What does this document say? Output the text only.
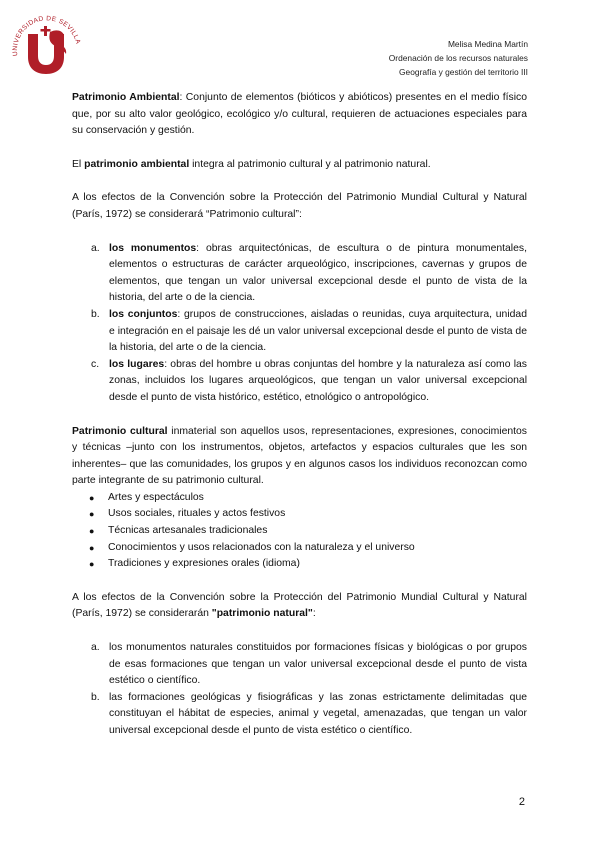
UNIVERSIDAD DE SEVILLA	Melisa Medina Martín
Ordenación de los recursos naturales
Geografía y gestión del territorio III

Patrimonio Ambiental: Conjunto de elementos (bióticos y abióticos) presentes en el medio físico que, por su alto valor geológico, ecológico y/o cultural, requieren de actuaciones especiales para su conservación y gestión.

El patrimonio ambiental integra al patrimonio cultural y al patrimonio natural.

A los efectos de la Convención sobre la Protección del Patrimonio Mundial Cultural y Natural (París, 1972) se considerará “Patrimonio cultural”:

a. los monumentos: obras arquitectónicas, de escultura o de pintura monumentales, elementos o estructuras de carácter arqueológico, inscripciones, cavernas y grupos de elementos, que tengan un valor universal excepcional desde el punto de vista de la historia, del arte o de la ciencia.
b. los conjuntos: grupos de construcciones, aisladas o reunidas, cuya arquitectura, unidad e integración en el paisaje les dé un valor universal excepcional desde el punto de vista de la historia, del arte o de la ciencia.
c. los lugares: obras del hombre u obras conjuntas del hombre y la naturaleza así como las zonas, incluidos los lugares arqueológicos, que tengan un valor universal excepcional desde el punto de vista histórico, estético, etnológico o antropológico.

Patrimonio cultural inmaterial son aquellos usos, representaciones, expresiones, conocimientos y técnicas –junto con los instrumentos, objetos, artefactos y espacios culturales que les son inherentes– que las comunidades, los grupos y en algunos casos los individuos reconozcan como parte integrante de su patrimonio cultural.

● Artes y espectáculos
● Usos sociales, rituales y actos festivos
● Técnicas artesanales tradicionales
● Conocimientos y usos relacionados con la naturaleza y el universo
● Tradiciones y expresiones orales (idioma)

A los efectos de la Convención sobre la Protección del Patrimonio Mundial Cultural y Natural (París, 1972) se considerarán "patrimonio natural":

a. los monumentos naturales constituidos por formaciones físicas y biológicas o por grupos de esas formaciones que tengan un valor universal excepcional desde el punto de vista estético o científico.
b. las formaciones geológicas y fisiográficas y las zonas estrictamente delimitadas que constituyan el hábitat de especies, animal y vegetal, amenazadas, que tengan un valor universal excepcional desde el punto de vista estético o científico.
2
